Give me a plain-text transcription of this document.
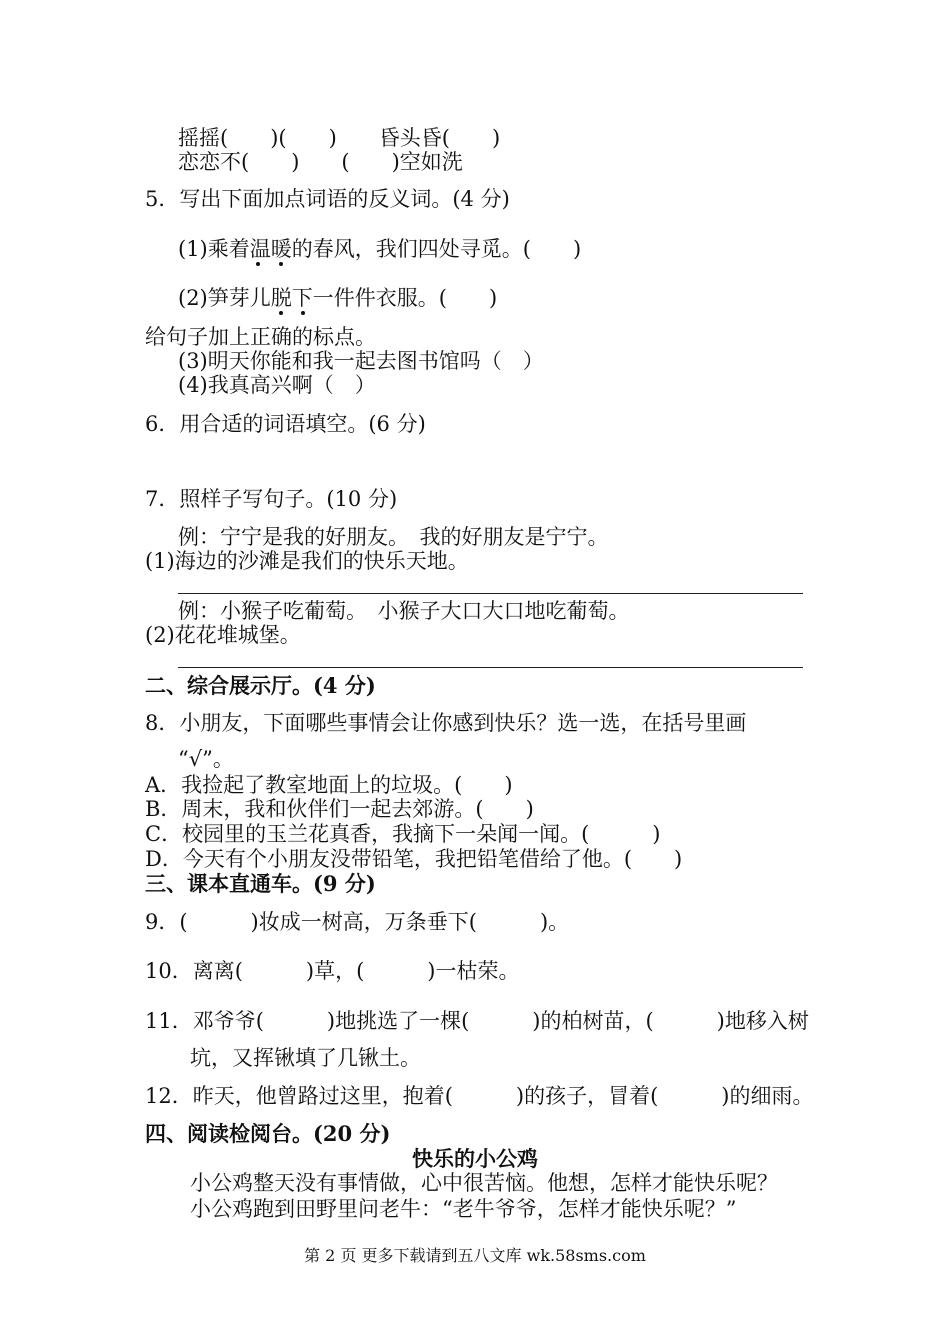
摇摇(　　)(　　)　　昏头昏(　　)
恋恋不(　　)　　(　　)空如洗
5．写出下面加点词语的反义词。(4 分)
(1)乘着温暖的春风，我们四处寻觅。(　　)
(2)笋芽儿脱下一件件衣服。(　　)
给句子加上正确的标点。
(3)明天你能和我一起去图书馆吗（　）
(4)我真高兴啊（　）
6．用合适的词语填空。(6 分)
7．照样子写句子。(10 分)
例：宁宁是我的好朋友。　我的好朋友是宁宁。
(1)海边的沙滩是我们的快乐天地。
例：小猴子吃葡萄。　小猴子大口大口地吃葡萄。
(2)花花堆城堡。
二、综合展示厅。(4 分)
8．小朋友，下面哪些事情会让你感到快乐？选一选，在括号里画
“√”。
A．我捡起了教室地面上的垃圾。(　　)
B．周末，我和伙伴们一起去郊游。(　　)
C．校园里的玉兰花真香，我摘下一朵闻一闻。(　　　)
D．今天有个小朋友没带铅笔，我把铅笔借给了他。(　　)
三、课本直通车。(9 分)
9．(　　　)妆成一树高，万条垂下(　　　)。
10．离离(　　　)草，(　　　)一枯荣。
11．邓爷爷(　　　)地挑选了一棵(　　　)的柏树苗，(　　　)地移入树
坑，又挥锹填了几锹土。
12．昨天，他曾路过这里，抱着(　　　)的孩子，冒着(　　　)的细雨。
四、阅读检阅台。(20 分)
快乐的小公鸡
小公鸡整天没有事情做，心中很苦恼。他想，怎样才能快乐呢？
小公鸡跑到田野里问老牛：“老牛爷爷，怎样才能快乐呢？”
第 2 页 更多下载请到五八文库 wk.58sms.com
